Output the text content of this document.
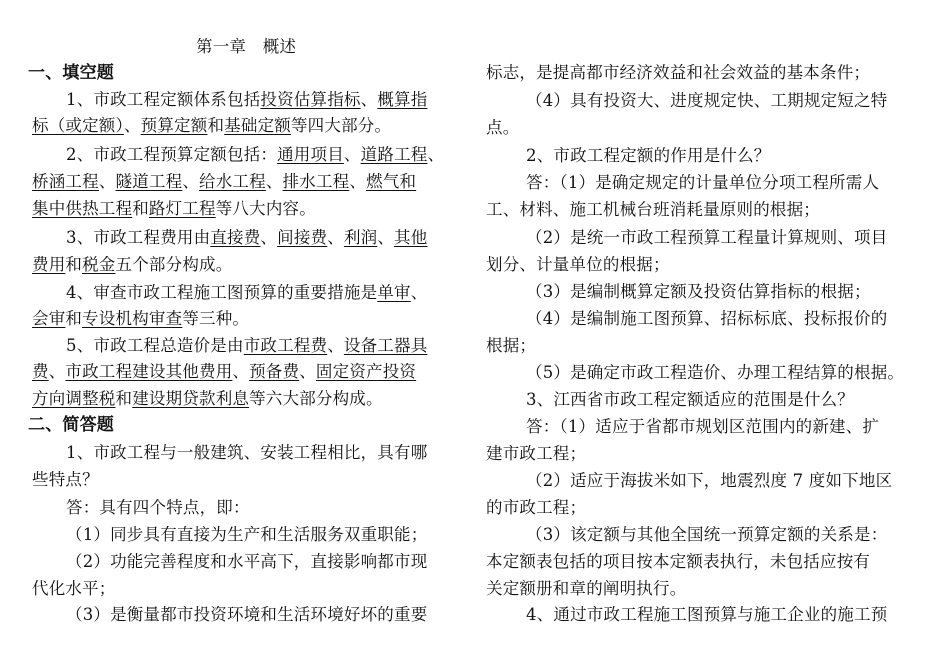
第一章　概述
一、填空题
1、市政工程定额体系包括投资估算指标、概算指
标（或定额）、预算定额和基础定额等四大部分。
2、市政工程预算定额包括：通用项目、道路工程、
桥涵工程、隧道工程、给水工程、排水工程、燃气和
集中供热工程和路灯工程等八大内容。
3、市政工程费用由直接费、间接费、利润、其他
费用和税金五个部分构成。
4、审查市政工程施工图预算的重要措施是单审、
会审和专设机构审查等三种。
5、市政工程总造价是由市政工程费、设备工器具
费、市政工程建设其他费用、预备费、固定资产投资
方向调整税和建设期贷款利息等六大部分构成。
二、简答题
1、市政工程与一般建筑、安装工程相比，具有哪
些特点？
答：具有四个特点，即：
（1）同步具有直接为生产和生活服务双重职能；
（2）功能完善程度和水平高下，直接影响都市现
代化水平；
（3）是衡量都市投资环境和生活环境好坏的重要
标志，是提高都市经济效益和社会效益的基本条件；
（4）具有投资大、进度规定快、工期规定短之特
点。
2、市政工程定额的作用是什么？
答：（1）是确定规定的计量单位分项工程所需人
工、材料、施工机械台班消耗量原则的根据；
（2）是统一市政工程预算工程量计算规则、项目
划分、计量单位的根据；
（3）是编制概算定额及投资估算指标的根据；
（4）是编制施工图预算、招标标底、投标报价的
根据；
（5）是确定市政工程造价、办理工程结算的根据。
3、江西省市政工程定额适应的范围是什么？
答：（1）适应于省都市规划区范围内的新建、扩
建市政工程；
（2）适应于海拔米如下，地震烈度 7 度如下地区
的市政工程；
（3）该定额与其他全国统一预算定额的关系是：
本定额表包括的项目按本定额表执行，未包括应按有
关定额册和章的阐明执行。
4、通过市政工程施工图预算与施工企业的施工预
